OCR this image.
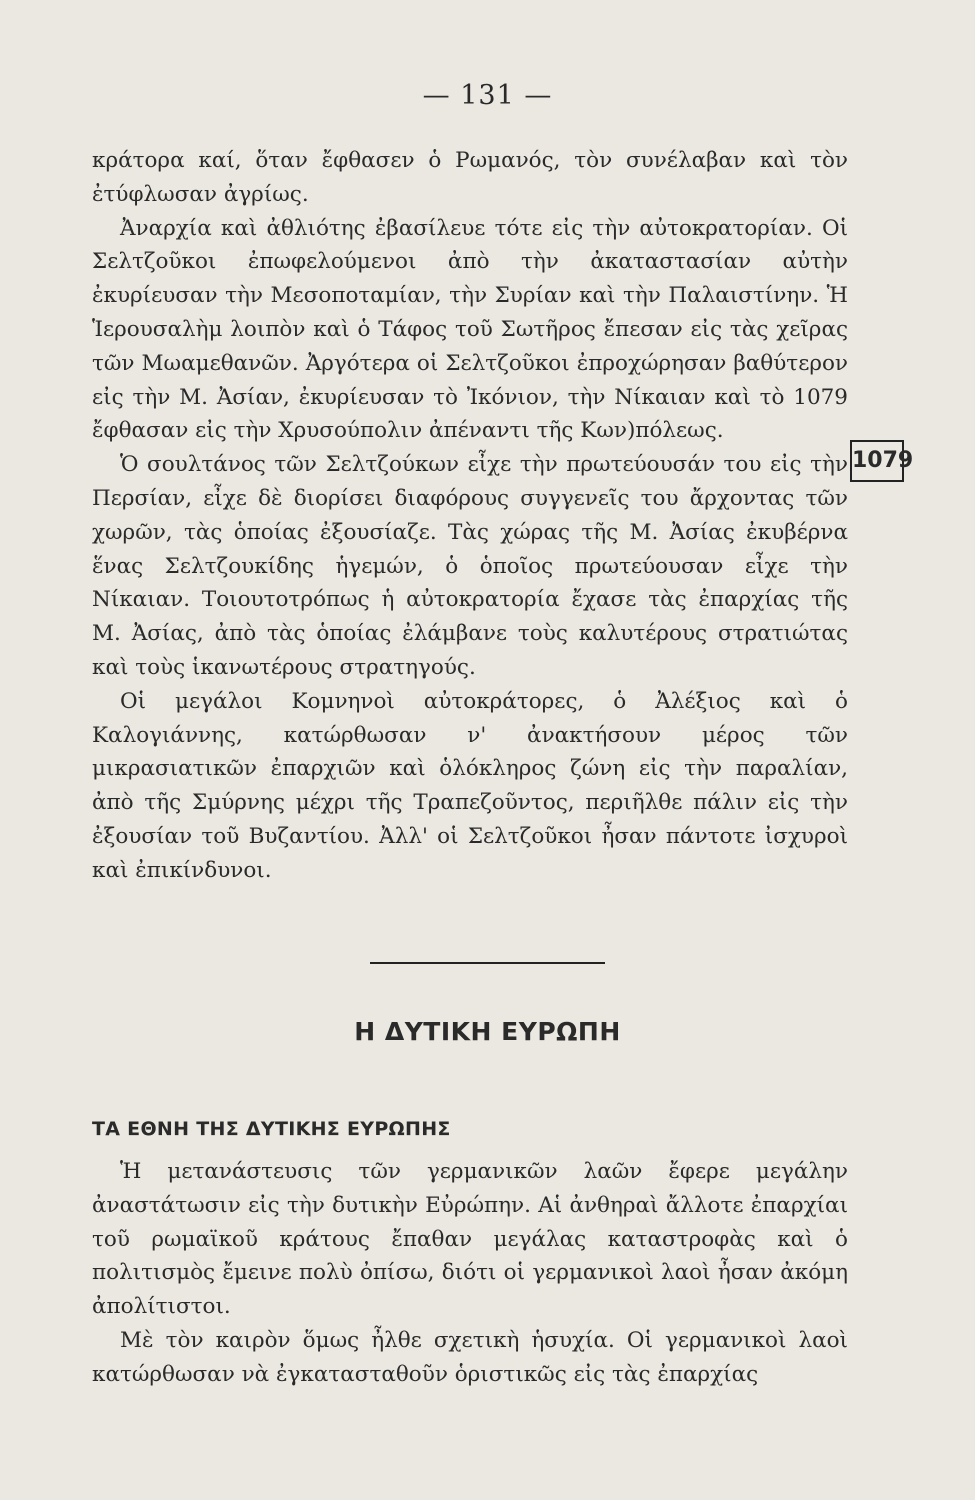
— 131 —

κράτορα καί, ὅταν ἔφθασεν ὁ Ρωμανός, τὸν συνέλαβαν καὶ τὸν ἐτύφλωσαν ἀγρίως.

Ἀναρχία καὶ ἀθλιότης ἐβασίλευε τότε εἰς τὴν αὐτοκρατορίαν. Οἱ Σελτζοῦκοι ἐπωφελούμενοι ἀπὸ τὴν ἀκαταστασίαν αὐτὴν ἐκυρίευσαν τὴν Μεσοποταμίαν, τὴν Συρίαν καὶ τὴν Παλαιστίνην. Ἡ Ἱερουσαλὴμ λοιπὸν καὶ ὁ Τάφος τοῦ Σωτῆρος ἔπεσαν εἰς τὰς χεῖρας τῶν Μωαμεθανῶν. Ἀργότερα οἱ Σελτζοῦκοι ἐπροχώρησαν βαθύτερον εἰς τὴν Μ. Ἀσίαν, ἐκυρίευσαν τὸ Ἰκόνιον, τὴν Νίκαιαν καὶ τὸ 1079 ἔφθασαν εἰς τὴν Χρυσούπολιν ἀπέναντι τῆς Κων)πόλεως.

Ὁ σουλτάνος τῶν Σελτζούκων εἶχε τὴν πρωτεύουσάν του εἰς τὴν Περσίαν, εἶχε δὲ διορίσει διαφόρους συγγενεῖς του ἄρχοντας τῶν χωρῶν, τὰς ὁποίας ἐξουσίαζε. Τὰς χώρας τῆς Μ. Ἀσίας ἐκυβέρνα ἕνας Σελτζουκίδης ἡγεμών, ὁ ὁποῖος πρωτεύουσαν εἶχε τὴν Νίκαιαν. Τοιουτοτρόπως ἡ αὐτοκρατορία ἔχασε τὰς ἐπαρχίας τῆς Μ. Ἀσίας, ἀπὸ τὰς ὁποίας ἐλάμβανε τοὺς καλυτέρους στρατιώτας καὶ τοὺς ἱκανωτέρους στρατηγούς.

Οἱ μεγάλοι Κομνηνοὶ αὐτοκράτορες, ὁ Ἀλέξιος καὶ ὁ Καλογιάννης, κατώρθωσαν ν' ἀνακτήσουν μέρος τῶν μικρασιατικῶν ἐπαρχιῶν καὶ ὁλόκληρος ζώνη εἰς τὴν παραλίαν, ἀπὸ τῆς Σμύρνης μέχρι τῆς Τραπεζοῦντος, περιῆλθε πάλιν εἰς τὴν ἐξουσίαν τοῦ Βυζαντίου. Ἀλλ' οἱ Σελτζοῦκοι ἦσαν πάντοτε ἰσχυροὶ καὶ ἐπικίνδυνοι.

1079
Η ΔΥΤΙΚΗ ΕΥΡΩΠΗ
ΤΑ ΕΘΝΗ ΤΗΣ ΔΥΤΙΚΗΣ ΕΥΡΩΠΗΣ

Ἡ μετανάστευσις τῶν γερμανικῶν λαῶν ἔφερε μεγάλην ἀναστάτωσιν εἰς τὴν δυτικὴν Εὐρώπην. Αἱ ἀνθηραὶ ἄλλοτε ἐπαρχίαι τοῦ ρωμαϊκοῦ κράτους ἔπαθαν μεγάλας καταστροφὰς καὶ ὁ πολιτισμὸς ἔμεινε πολὺ ὀπίσω, διότι οἱ γερμανικοὶ λαοὶ ἦσαν ἀκόμη ἀπολίτιστοι.

Μὲ τὸν καιρὸν ὅμως ἦλθε σχετικὴ ἡσυχία. Οἱ γερμανικοὶ λαοὶ κατώρθωσαν νὰ ἐγκατασταθοῦν ὁριστικῶς εἰς τὰς ἐπαρχίας
